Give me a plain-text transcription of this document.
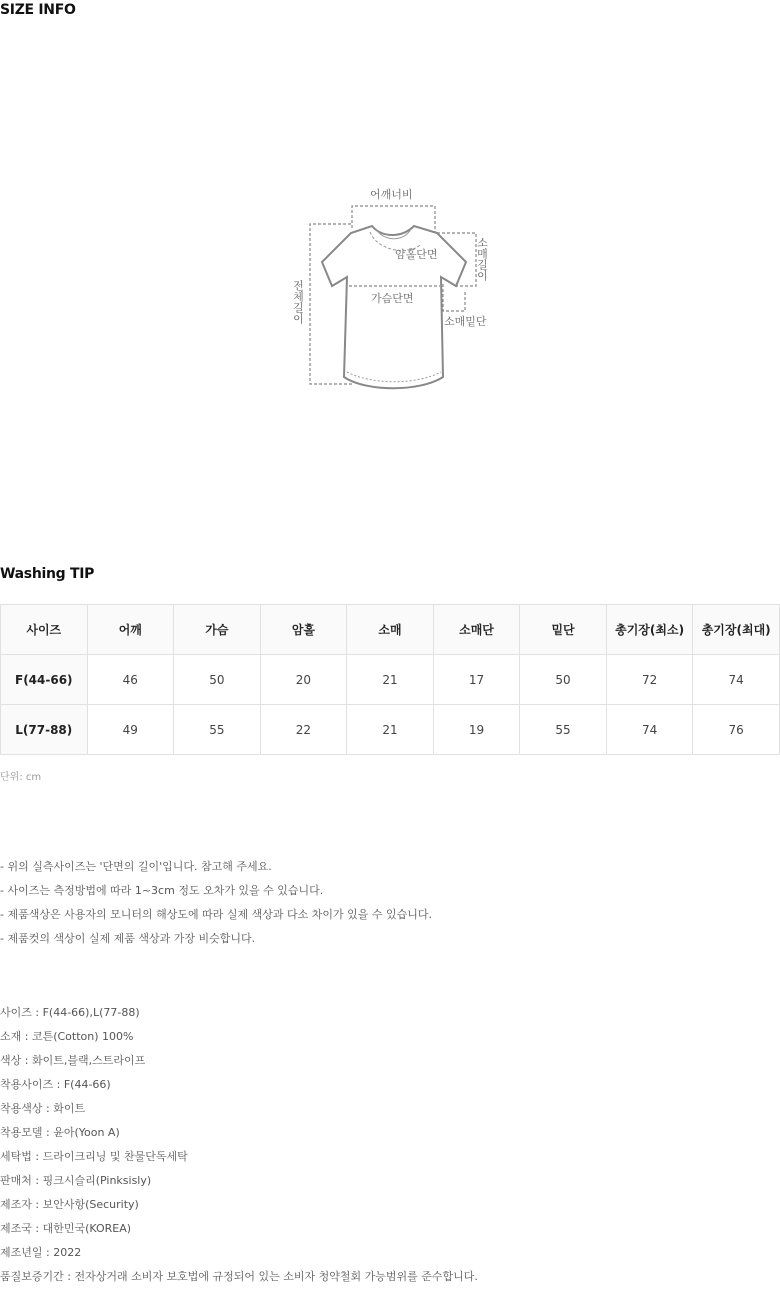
SIZE INFO
어깨너비
암홀단면
가슴단면
소매밑단
소매길이
전체길이
Washing TIP
사이즈	어깨	가슴	암홀	소매	소매단	밑단	총기장(최소)	총기장(최대)
F(44-66)	46	50	20	21	17	50	72	74
L(77-88)	49	55	22	21	19	55	74	76
단위: cm
- 위의 실측사이즈는 '단면의 길이'입니다. 참고해 주세요.
- 사이즈는 측정방법에 따라 1~3cm 정도 오차가 있을 수 있습니다.
- 제품색상은 사용자의 모니터의 해상도에 따라 실제 색상과 다소 차이가 있을 수 있습니다.
- 제품컷의 색상이 실제 제품 색상과 가장 비슷합니다.
사이즈 : F(44-66),L(77-88)
소재 : 코튼(Cotton) 100%
색상 : 화이트,블랙,스트라이프
착용사이즈 : F(44-66)
착용색상 : 화이트
착용모델 : 윤아(Yoon A)
세탁법 : 드라이크리닝 및 찬물단독세탁
판매처 : 핑크시슬리(Pinksisly)
제조자 : 보안사항(Security)
제조국 : 대한민국(KOREA)
제조년일 : 2022
품질보증기간 : 전자상거래 소비자 보호법에 규정되어 있는 소비자 청약철회 가능범위를 준수합니다.
